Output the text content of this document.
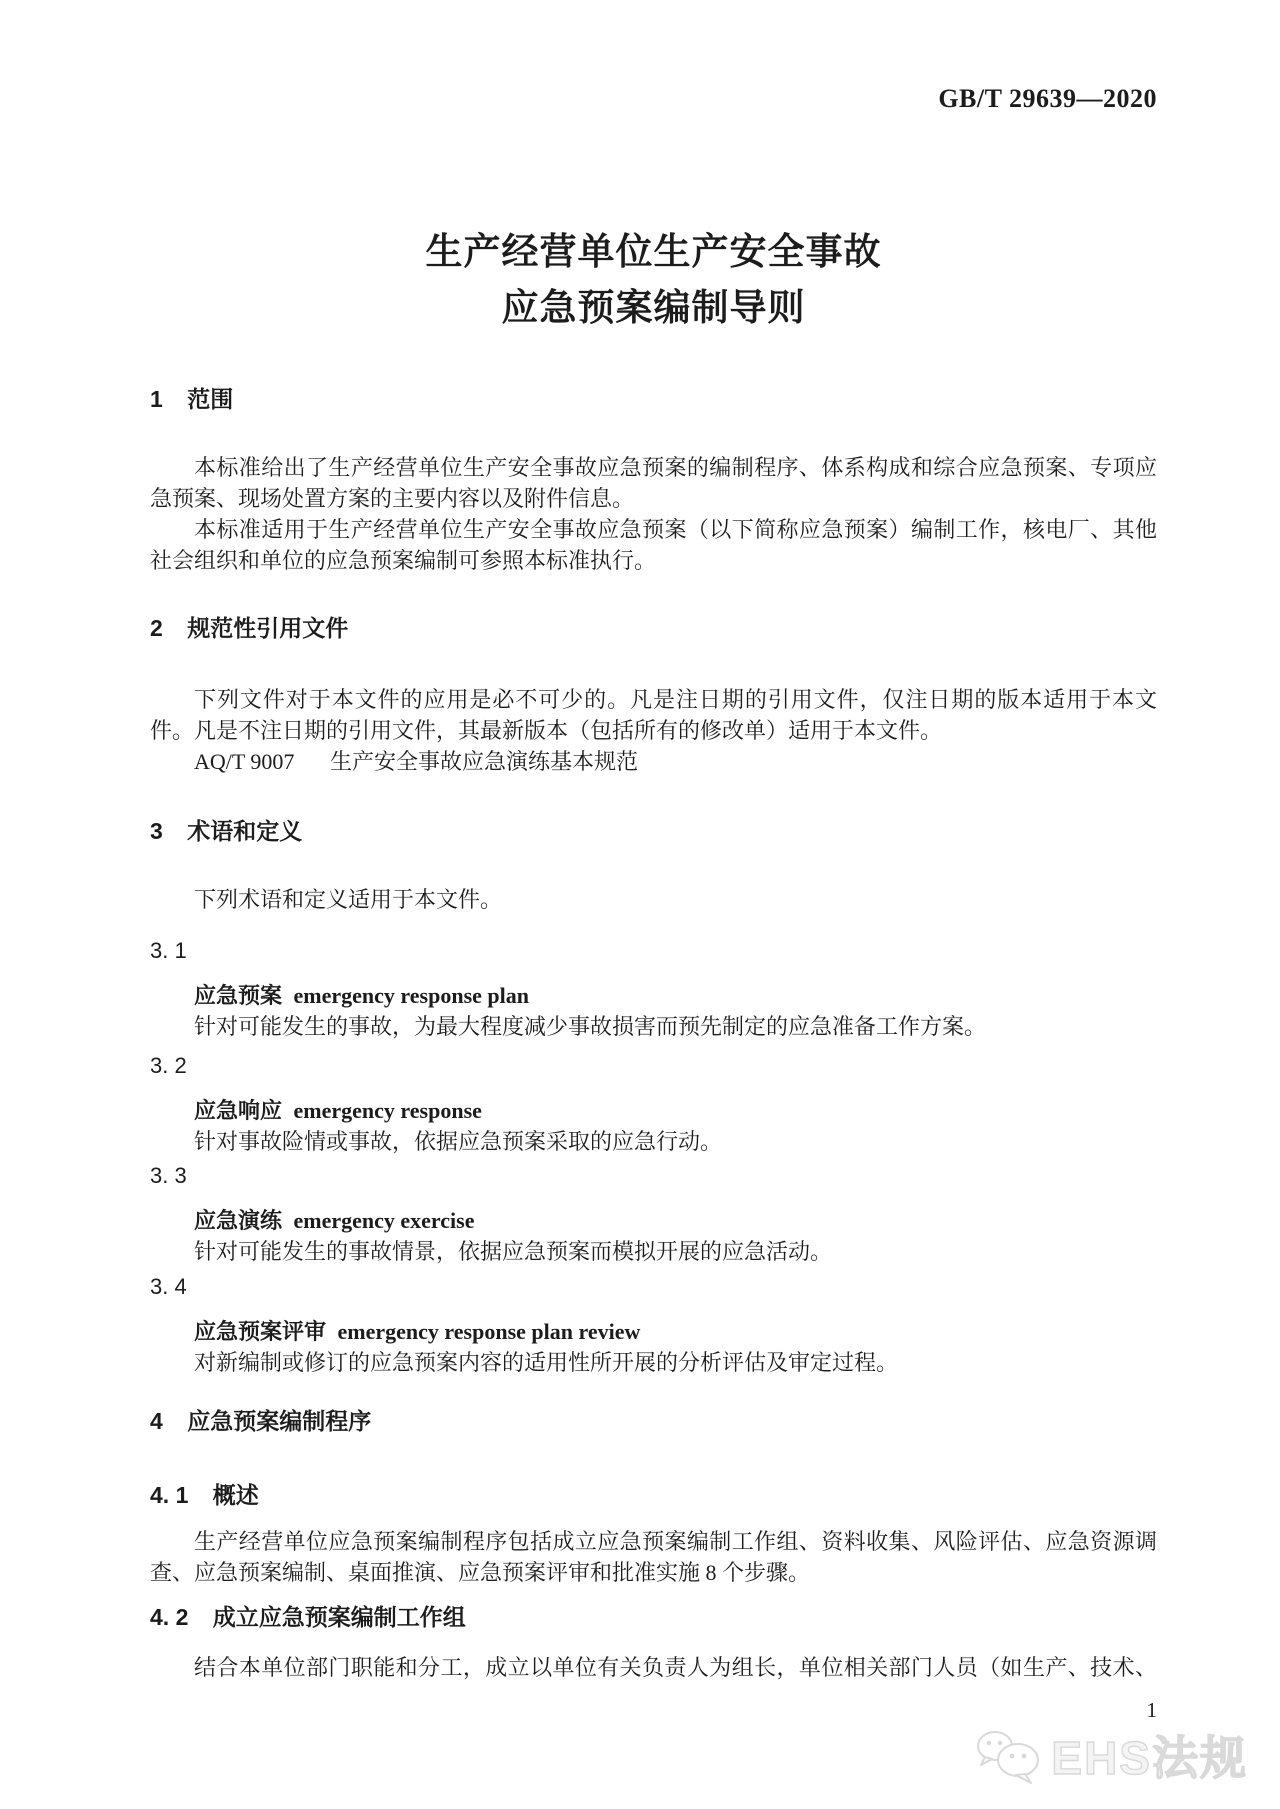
GB/T 29639—2020
生产经营单位生产安全事故
应急预案编制导则
1 范围

本标准给出了生产经营单位生产安全事故应急预案的编制程序、体系构成和综合应急预案、专项应急预案、现场处置方案的主要内容以及附件信息。

本标准适用于生产经营单位生产安全事故应急预案（以下简称应急预案）编制工作，核电厂、其他社会组织和单位的应急预案编制可参照本标准执行。

2 规范性引用文件

下列文件对于本文件的应用是必不可少的。凡是注日期的引用文件，仅注日期的版本适用于本文件。凡是不注日期的引用文件，其最新版本（包括所有的修改单）适用于本文件。

AQ/T 9007 生产安全事故应急演练基本规范

3 术语和定义

下列术语和定义适用于本文件。

3. 1
应急预案 emergency response plan
针对可能发生的事故，为最大程度减少事故损害而预先制定的应急准备工作方案。
3. 2
应急响应 emergency response
针对事故险情或事故，依据应急预案采取的应急行动。
3. 3
应急演练 emergency exercise
针对可能发生的事故情景，依据应急预案而模拟开展的应急活动。
3. 4
应急预案评审 emergency response plan review
对新编制或修订的应急预案内容的适用性所开展的分析评估及审定过程。
4 应急预案编制程序
4. 1 概述

生产经营单位应急预案编制程序包括成立应急预案编制工作组、资料收集、风险评估、应急资源调查、应急预案编制、桌面推演、应急预案评审和批准实施 8 个步骤。

4. 2 成立应急预案编制工作组

结合本单位部门职能和分工，成立以单位有关负责人为组长，单位相关部门人员（如生产、技术、

1
EHS法规
